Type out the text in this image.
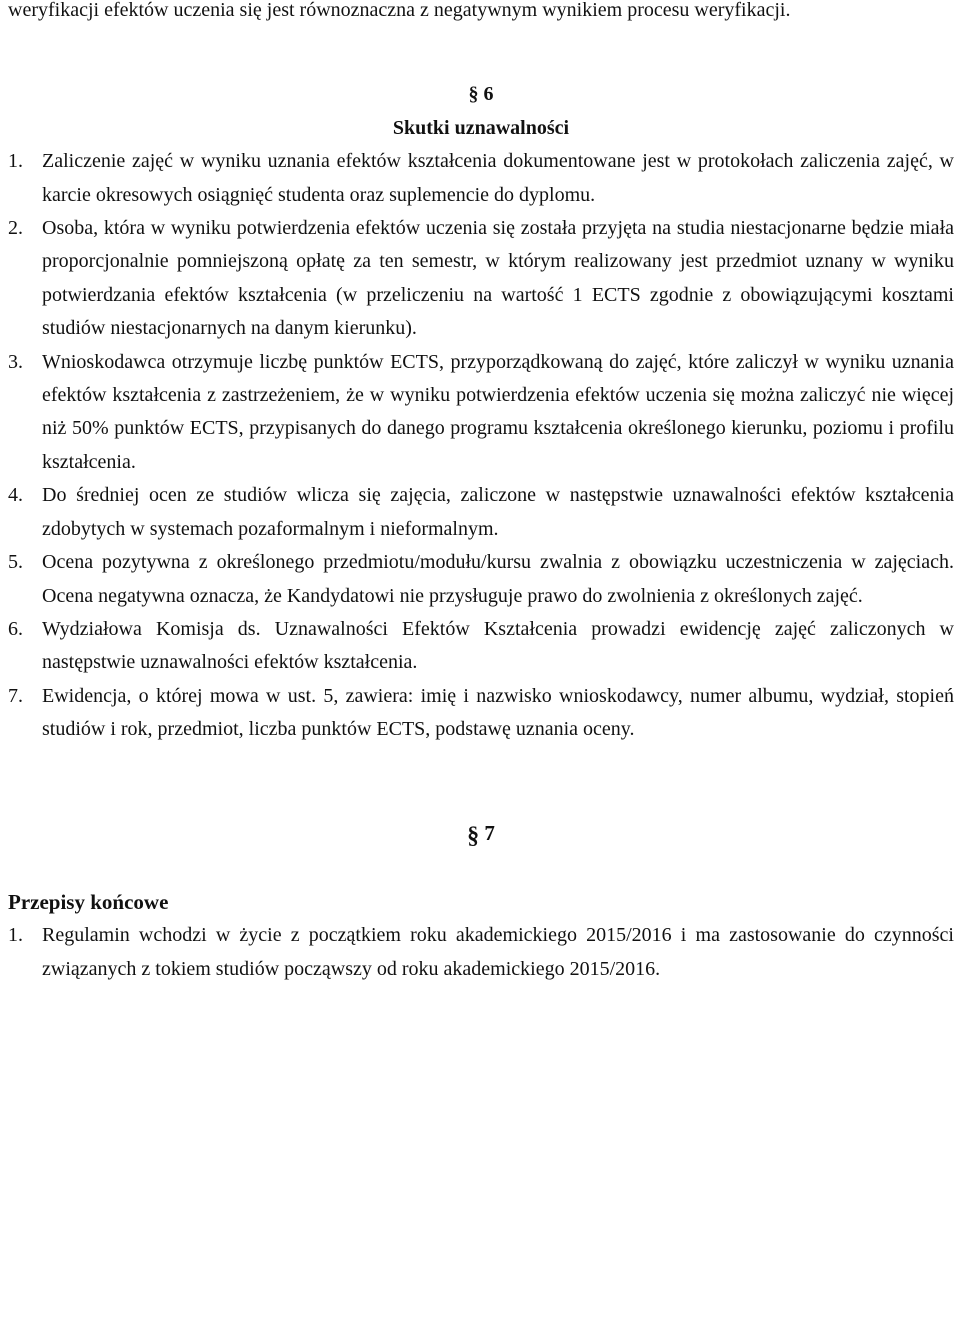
weryfikacji efektów uczenia się jest równoznaczna z negatywnym wynikiem procesu weryfikacji.

§ 6

Skutki uznawalności

1. Zaliczenie zajęć w wyniku uznania efektów kształcenia dokumentowane jest w protokołach zaliczenia zajęć, w karcie okresowych osiągnięć studenta oraz suplemencie do dyplomu.
2. Osoba, która w wyniku potwierdzenia efektów uczenia się została przyjęta na studia niestacjonarne będzie miała proporcjonalnie pomniejszoną opłatę za ten semestr, w którym realizowany jest przedmiot uznany w wyniku potwierdzania efektów kształcenia (w przeliczeniu na wartość 1 ECTS zgodnie z obowiązującymi kosztami studiów niestacjonarnych na danym kierunku).
3. Wnioskodawca otrzymuje liczbę punktów ECTS, przyporządkowaną do zajęć, które zaliczył w wyniku uznania efektów kształcenia z zastrzeżeniem, że w wyniku potwierdzenia efektów uczenia się można zaliczyć nie więcej niż 50% punktów ECTS, przypisanych do danego programu kształcenia określonego kierunku, poziomu i profilu kształcenia.
4. Do średniej ocen ze studiów wlicza się zajęcia, zaliczone w następstwie uznawalności efektów kształcenia zdobytych w systemach pozaformalnym i nieformalnym.
5. Ocena pozytywna z określonego przedmiotu/modułu/kursu zwalnia z obowiązku uczestniczenia w zajęciach. Ocena negatywna oznacza, że Kandydatowi nie przysługuje prawo do zwolnienia z określonych zajęć.
6. Wydziałowa Komisja ds. Uznawalności Efektów Kształcenia prowadzi ewidencję zajęć zaliczonych w następstwie uznawalności efektów kształcenia.
7. Ewidencja, o której mowa w ust. 5, zawiera: imię i nazwisko wnioskodawcy, numer albumu, wydział, stopień studiów i rok, przedmiot, liczba punktów ECTS, podstawę uznania oceny.

§ 7

Przepisy końcowe

1. Regulamin wchodzi w życie z początkiem roku akademickiego 2015/2016 i ma zastosowanie do czynności związanych z tokiem studiów począwszy od roku akademickiego 2015/2016.
